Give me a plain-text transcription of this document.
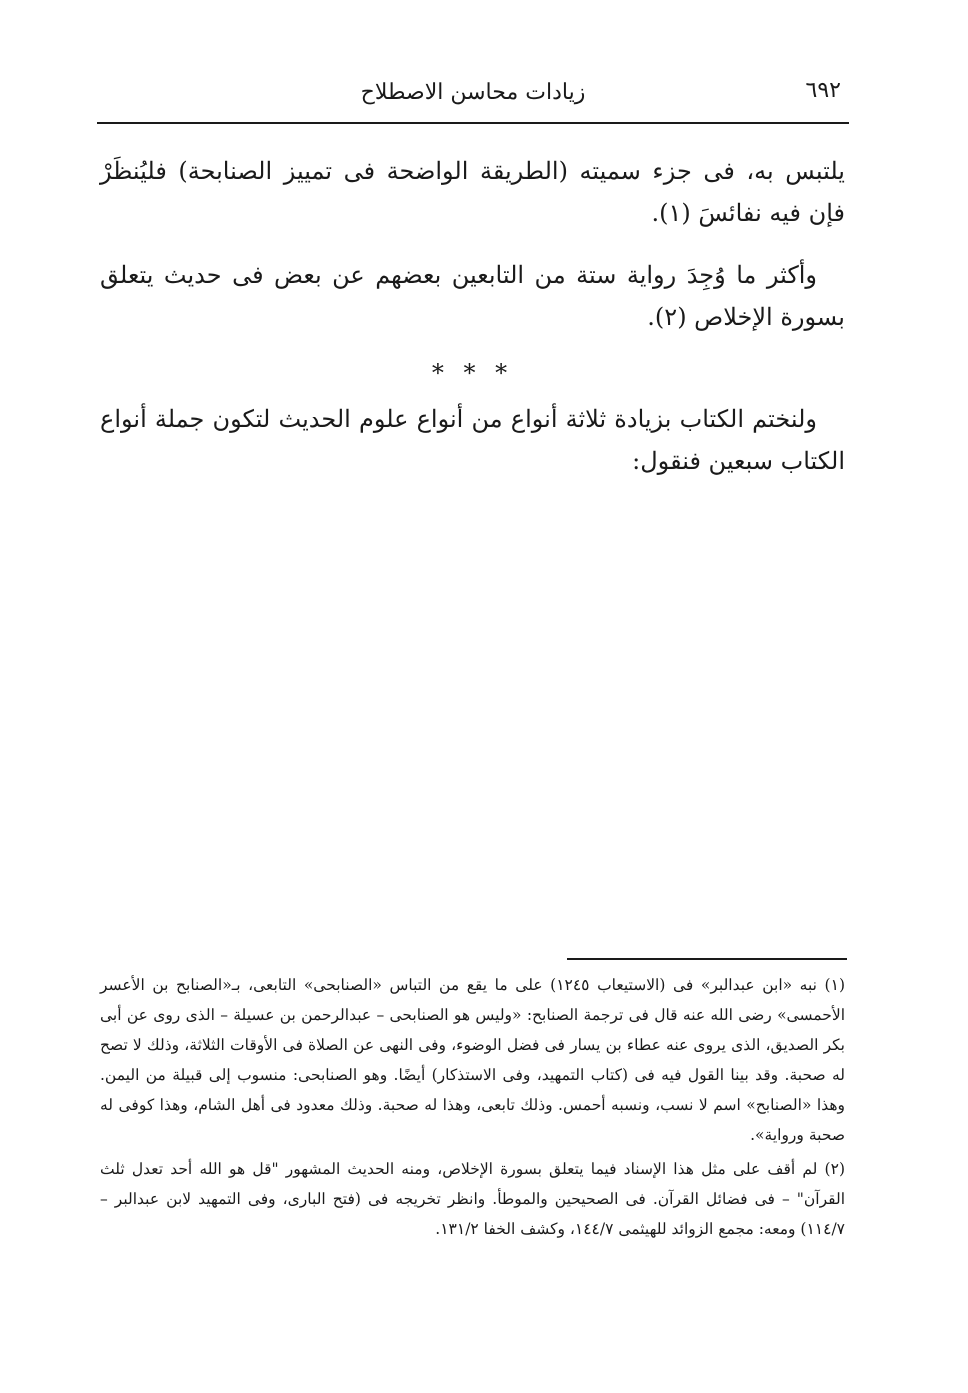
٦٩٢
زيادات محاسن الاصطلاح

يلتبس به، فى جزء سميته (الطريقة الواضحة فى تمييز الصنابحة) فليُنظَرْ فإن فيه نفائسَ (١).

وأكثر ما وُجِدَ رواية ستة من التابعين بعضهم عن بعض فى حديث يتعلق بسورة الإخلاص (٢).

* * *

ولنختم الكتاب بزيادة ثلاثة أنواع من أنواع علوم الحديث لتكون جملة أنواع الكتاب سبعين فنقول:

(١) نبه «ابن عبدالبر» فى (الاستيعاب ١٢٤٥) على ما يقع من التباس «الصنابحى» التابعى، بـ«الصنابح بن الأعسر الأحمسى» رضى الله عنه قال فى ترجمة الصنابح: «وليس هو الصنابحى – عبدالرحمن بن عسيلة – الذى روى عن أبى بكر الصديق، الذى يروى عنه عطاء بن يسار فى فضل الوضوء، وفى النهى عن الصلاة فى الأوقات الثلاثة، وذلك لا تصح له صحبة. وقد بينا القول فيه فى (كتاب التمهيد، وفى الاستذكار) أيضًا. وهو الصنابحى: منسوب إلى قبيلة من اليمن. وهذا «الصنابح» اسم لا نسب، ونسبه أحمس. وذلك تابعى، وهذا له صحبة. وذلك معدود فى أهل الشام، وهذا كوفى له صحبة ورواية».

(٢) لم أقف على مثل هذا الإسناد فيما يتعلق بسورة الإخلاص، ومنه الحديث المشهور "قل هو الله أحد تعدل ثلث القرآن" – فى فضائل القرآن. فى الصحيحين والموطأ. وانظر تخريجه فى (فتح البارى، وفى التمهيد لابن عبدالبر – ١١٤/٧) ومعه: مجمع الزوائد للهيثمى ١٤٤/٧، وكشف الخفا ١٣١/٢.
